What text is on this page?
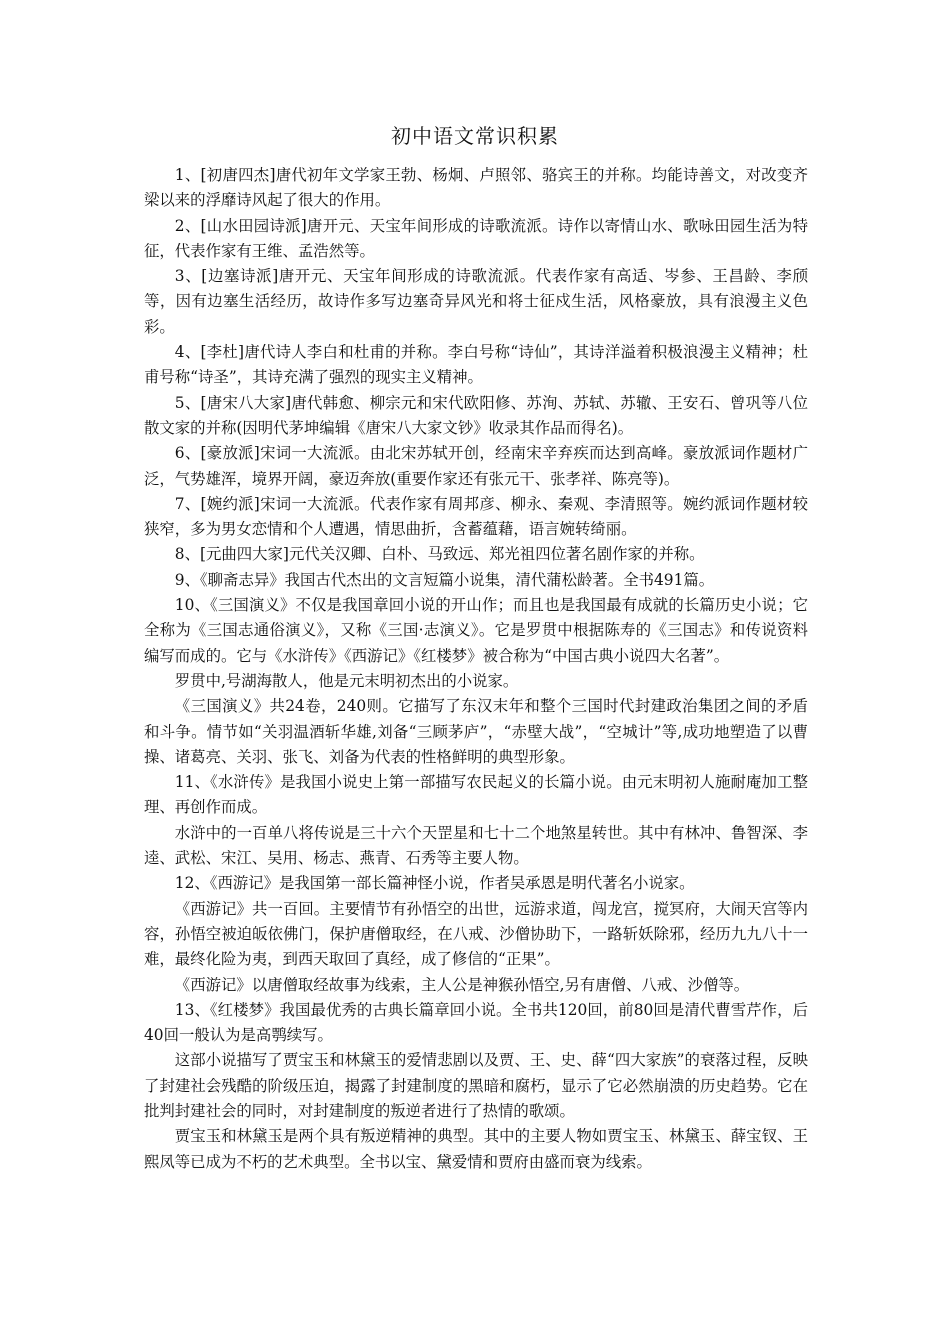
初中语文常识积累

1、[初唐四杰]唐代初年文学家王勃、杨炯、卢照邻、骆宾王的并称。均能诗善文，对改变齐梁以来的浮靡诗风起了很大的作用。

2、[山水田园诗派]唐开元、天宝年间形成的诗歌流派。诗作以寄情山水、歌咏田园生活为特征，代表作家有王维、孟浩然等。

3、[边塞诗派]唐开元、天宝年间形成的诗歌流派。代表作家有高适、岑参、王昌龄、李颀等，因有边塞生活经历，故诗作多写边塞奇异风光和将士征戍生活，风格豪放，具有浪漫主义色彩。

4、[李杜]唐代诗人李白和杜甫的并称。李白号称“诗仙”，其诗洋溢着积极浪漫主义精神；杜甫号称“诗圣”，其诗充满了强烈的现实主义精神。

5、[唐宋八大家]唐代韩愈、柳宗元和宋代欧阳修、苏洵、苏轼、苏辙、王安石、曾巩等八位散文家的并称(因明代茅坤编辑《唐宋八大家文钞》收录其作品而得名)。

6、[豪放派]宋词一大流派。由北宋苏轼开创，经南宋辛弃疾而达到高峰。豪放派词作题材广泛，气势雄浑，境界开阔，豪迈奔放(重要作家还有张元干、张孝祥、陈亮等)。

7、[婉约派]宋词一大流派。代表作家有周邦彦、柳永、秦观、李清照等。婉约派词作题材较狭窄，多为男女恋情和个人遭遇，情思曲折，含蓄蕴藉，语言婉转绮丽。

8、[元曲四大家]元代关汉卿、白朴、马致远、郑光祖四位著名剧作家的并称。

9、《聊斋志异》我国古代杰出的文言短篇小说集，清代蒲松龄著。全书491篇。

10、《三国演义》不仅是我国章回小说的开山作；而且也是我国最有成就的长篇历史小说；它全称为《三国志通俗演义》，又称《三国·志演义》。它是罗贯中根据陈寿的《三国志》和传说资料编写而成的。它与《水浒传》《西游记》《红楼梦》被合称为“中国古典小说四大名著”。

罗贯中,号湖海散人，他是元末明初杰出的小说家。

《三国演义》共24卷，240则。它描写了东汉末年和整个三国时代封建政治集团之间的矛盾和斗争。情节如“关羽温酒斩华雄,刘备“三顾茅庐”，“赤壁大战”，“空城计”等,成功地塑造了以曹操、诸葛亮、关羽、张飞、刘备为代表的性格鲜明的典型形象。

11、《水浒传》是我国小说史上第一部描写农民起义的长篇小说。由元末明初人施耐庵加工整理、再创作而成。

水浒中的一百单八将传说是三十六个天罡星和七十二个地煞星转世。其中有林冲、鲁智深、李逵、武松、宋江、吴用、杨志、燕青、石秀等主要人物。

12、《西游记》是我国第一部长篇神怪小说，作者吴承恩是明代著名小说家。

《西游记》共一百回。主要情节有孙悟空的出世，远游求道，闯龙宫，搅冥府，大闹天宫等内容，孙悟空被迫皈依佛门，保护唐僧取经，在八戒、沙僧协助下，一路斩妖除邪，经历九九八十一难，最终化险为夷，到西天取回了真经，成了修信的“正果”。

《西游记》以唐僧取经故事为线索，主人公是神猴孙悟空,另有唐僧、八戒、沙僧等。

13、《红楼梦》我国最优秀的古典长篇章回小说。全书共120回，前80回是清代曹雪芹作，后40回一般认为是高鹗续写。

这部小说描写了贾宝玉和林黛玉的爱情悲剧以及贾、王、史、薛“四大家族”的衰落过程，反映了封建社会残酷的阶级压迫，揭露了封建制度的黑暗和腐朽，显示了它必然崩溃的历史趋势。它在批判封建社会的同时，对封建制度的叛逆者进行了热情的歌颂。

贾宝玉和林黛玉是两个具有叛逆精神的典型。其中的主要人物如贾宝玉、林黛玉、薛宝钗、王熙凤等已成为不朽的艺术典型。全书以宝、黛爱情和贾府由盛而衰为线索。
